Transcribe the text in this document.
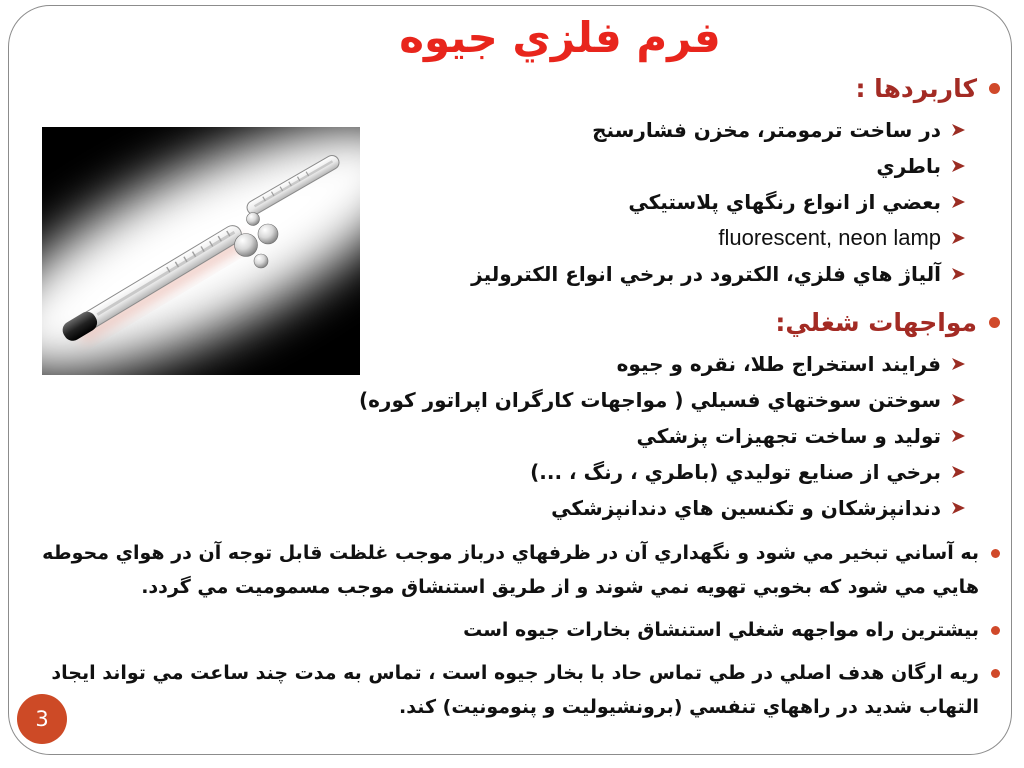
فرم فلزي جيوه
کاربردها :
در ساخت ترمومتر، مخزن فشارسنج
باطري
بعضي از انواع رنگهاي پلاستيکي
fluorescent, neon lamp
آلياژ هاي فلزي، الکترود در برخي انواع الکتروليز
مواجهات شغلي:
فرايند استخراج طلا، نقره و جيوه
سوختن سوختهاي فسيلي ( مواجهات کارگران اپراتور کوره)
توليد و ساخت تجهيزات پزشکي
برخي از صنايع توليدي (باطري ، رنگ ، ...)
دندانپزشکان و تکنسين هاي دندانپزشکي
به آساني تبخير مي شود و نگهداري آن در ظرفهاي درباز موجب غلظت قابل توجه آن در هواي محوطه هايي مي شود که بخوبي تهويه نمي شوند و از طريق استنشاق موجب مسموميت مي گردد.
بيشترين راه مواجهه شغلي استنشاق بخارات جيوه است
ريه ارگان هدف اصلي در طي تماس حاد با بخار جيوه است ، تماس به مدت چند ساعت مي تواند ايجاد التهاب شديد در راههاي تنفسي (برونشيوليت و پنومونيت) کند.
3
